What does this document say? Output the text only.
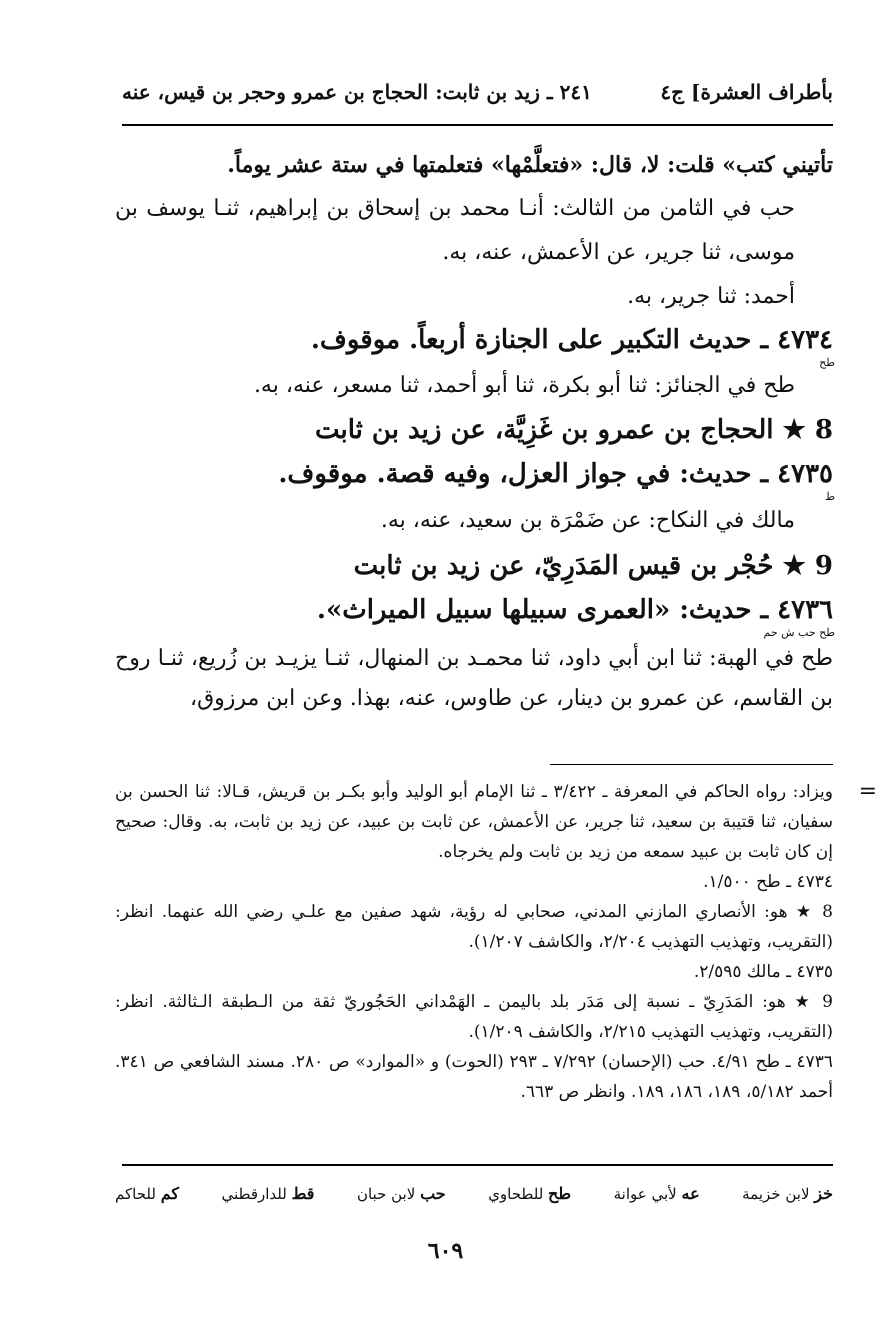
بأطراف العشرة] ج٤
٢٤١ ـ زيد بن ثابت: الحجاج بن عمرو وحجر بن قيس، عنه

تأتيني كتب» قلت: لا، قال: «فتعلَّمْها» فتعلمتها في ستة عشر يوماً.

حب في الثامن من الثالث: أنـا محمد بن إسحاق بن إبراهيم، ثنـا يوسف بن موسى، ثنا جرير، عن الأعمش، عنه، به.

أحمد: ثنا جرير، به.

٤٧٣٤ ـ حديث التكبير على الجنازة أربعاً. موقوف.

طح

طح في الجنائز: ثنا أبو بكرة، ثنا أبو أحمد، ثنا مسعر، عنه، به.

8 ★ الحجاج بن عمرو بن غَزِيَّة، عن زيد بن ثابت

٤٧٣٥ ـ حديث: في جواز العزل، وفيه قصة. موقوف.

ط

مالك في النكاح: عن ضَمْرَة بن سعيد، عنه، به.

9 ★ حُجْر بن قيس المَدَرِيّ، عن زيد بن ثابت

٤٧٣٦ ـ حديث: «العمرى سبيلها سبيل الميراث».

طح حب ش حم

طح في الهبة: ثنا ابن أبي داود، ثنا محمـد بن المنهال، ثنـا يزيـد بن زُريع، ثنـا روح بن القاسم، عن عمرو بن دينار، عن طاوس، عنه، بهذا. وعن ابن مرزوق،

=

ويزاد: رواه الحاكم في المعرفة ـ ٣/٤٢٢ ـ ثنا الإمام أبو الوليد وأبو بكـر بن قريش، قـالا: ثنا الحسن بن سفيان، ثنا قتيبة بن سعيد، ثنا جرير، عن الأعمش، عن ثابت بن عبيد، عن زيد بن ثابت، به. وقال: صحيح إن كان ثابت بن عبيد سمعه من زيد بن ثابت ولم يخرجاه.

٤٧٣٤ ـ طح ١/٥٠٠.

8 ★ هو: الأنصاري المازني المدني، صحابي له رؤية، شهد صفين مع علـي رضي الله عنهما. انظر: (التقريب، وتهذيب التهذيب ٢/٢٠٤، والكاشف ١/٢٠٧).

٤٧٣٥ ـ مالك ٢/٥٩٥.

9 ★ هو: المَدَرِيّ ـ نسبة إلى مَدَر بلد باليمن ـ الهَمْداني الحَجُوريّ ثقة من الـطبقة الـثالثة. انظر: (التقريب، وتهذيب التهذيب ٢/٢١٥، والكاشف ١/٢٠٩).

٤٧٣٦ ـ طح ٤/٩١. حب (الإحسان) ٧/٢٩٢ ـ ٢٩٣ (الحوت) و «الموارد» ص ٢٨٠. مسند الشافعي ص ٣٤١. أحمد ٥/١٨٢، ١٨٩، ١٨٦، ١٨٩. وانظر ص ٦٦٣.

خز لابن خزيمة
عه لأبي عوانة
طح للطحاوي
حب لابن حبان
قط للدارقطني
كم للحاكم
٦٠٩
